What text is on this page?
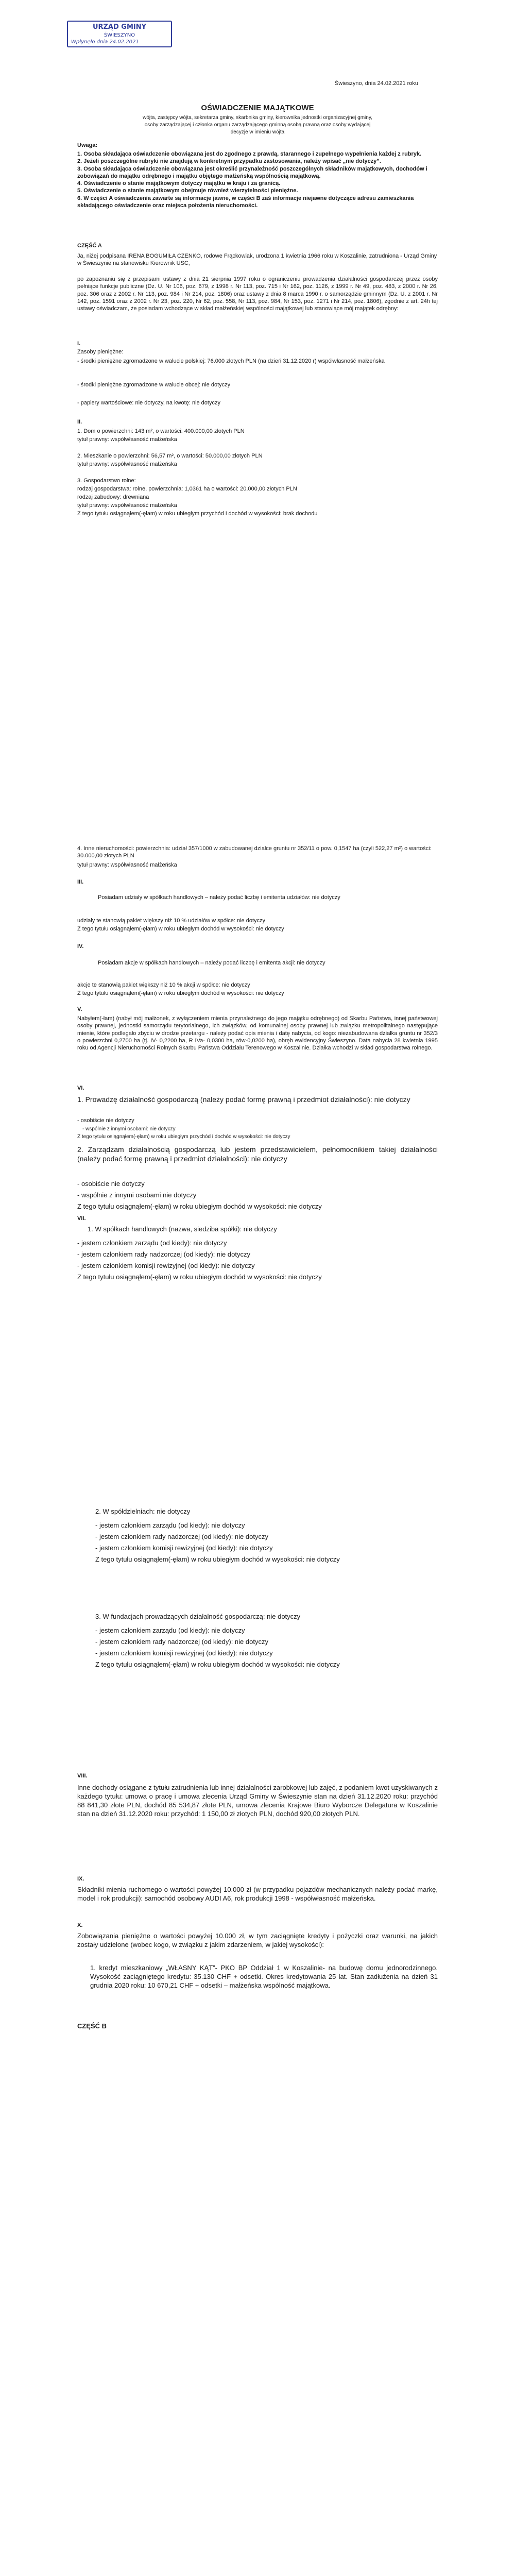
URZĄD GMINY
ŚWIESZYNO
Wpłynęło dnia 24.02.2021
Świeszyno, dnia 24.02.2021 roku
OŚWIADCZENIE MAJĄTKOWE
wójta, zastępcy wójta, sekretarza gminy, skarbnika gminy, kierownika jednostki organizacyjnej gminy,
osoby zarządzającej i członka organu zarządzającego gminną osobą prawną oraz osoby wydającej
decyzje w imieniu wójta
Uwaga:
1. Osoba składająca oświadczenie obowiązana jest do zgodnego z prawdą, starannego i zupełnego wypełnienia każdej z rubryk.
2. Jeżeli poszczególne rubryki nie znajdują w konkretnym przypadku zastosowania, należy wpisać „nie dotyczy”.
3. Osoba składająca oświadczenie obowiązana jest określić przynależność poszczególnych składników majątkowych, dochodów i zobowiązań do majątku odrębnego i majątku objętego małżeńską wspólnością majątkową.
4. Oświadczenie o stanie majątkowym dotyczy majątku w kraju i za granicą.
5. Oświadczenie o stanie majątkowym obejmuje również wierzytelności pieniężne.
6. W części A oświadczenia zawarte są informacje jawne, w części B zaś informacje niejawne dotyczące adresu zamieszkania składającego oświadczenie oraz miejsca położenia nieruchomości.
CZĘŚĆ A
Ja, niżej podpisana IRENA BOGUMIŁA CZENKO, rodowe Frąckowiak, urodzona 1 kwietnia 1966 roku w Koszalinie, zatrudniona - Urząd Gminy w Świeszynie na stanowisku Kierownik USC,
po zapoznaniu się z przepisami ustawy z dnia 21 sierpnia 1997 roku o ograniczeniu prowadzenia działalności gospodarczej przez osoby pełniące funkcje publiczne (Dz. U. Nr 106, poz. 679, z 1998 r. Nr 113, poz. 715 i Nr 162, poz. 1126, z 1999 r. Nr 49, poz. 483, z 2000 r. Nr 26, poz. 306 oraz z 2002 r. Nr 113, poz. 984 i Nr 214, poz. 1806) oraz ustawy z dnia 8 marca 1990 r. o samorządzie gminnym (Dz. U. z 2001 r. Nr 142, poz. 1591 oraz z 2002 r. Nr 23, poz. 220, Nr 62, poz. 558, Nr 113, poz. 984, Nr 153, poz. 1271 i Nr 214, poz. 1806), zgodnie z art. 24h tej ustawy oświadczam, że posiadam wchodzące w skład małżeńskiej wspólności majątkowej lub stanowiące mój majątek odrębny:
I.
Zasoby pieniężne:
- środki pieniężne zgromadzone w walucie polskiej: 76.000 złotych PLN (na dzień 31.12.2020 r) współwłasność małżeńska
- środki pieniężne zgromadzone w walucie obcej: nie dotyczy
- papiery wartościowe: nie dotyczy, na kwotę: nie dotyczy
II.
1. Dom o powierzchni: 143 m², o wartości: 400.000,00 złotych PLN
tytuł prawny: współwłasność małżeńska
2. Mieszkanie o powierzchni: 56,57 m², o wartości: 50.000,00 złotych PLN
tytuł prawny: współwłasność małżeńska
3. Gospodarstwo rolne:
rodzaj gospodarstwa: rolne, powierzchnia: 1,0361 ha o wartości: 20.000,00 złotych PLN
rodzaj zabudowy: drewniana
tytuł prawny: współwłasność małżeńska
Z tego tytułu osiągnąłem(-ęłam) w roku ubiegłym przychód i dochód w wysokości: brak dochodu
4. Inne nieruchomości: powierzchnia: udział 357/1000 w zabudowanej działce gruntu nr 352/11 o pow. 0,1547 ha (czyli 522,27 m²) o wartości: 30.000,00 złotych PLN
tytuł prawny: współwłasność małżeńska
III.
Posiadam udziały w spółkach handlowych – należy podać liczbę i emitenta udziałów: nie dotyczy
udziały te stanowią pakiet większy niż 10 % udziałów w spółce: nie dotyczy
Z tego tytułu osiągnąłem(-ęłam) w roku ubiegłym dochód w wysokości: nie dotyczy
IV.
Posiadam akcje w spółkach handlowych – należy podać liczbę i emitenta akcji: nie dotyczy
akcje te stanowią pakiet większy niż 10 % akcji w spółce: nie dotyczy
Z tego tytułu osiągnąłem(-ęłam) w roku ubiegłym dochód w wysokości: nie dotyczy
V.
Nabyłem(-łam) (nabył mój małżonek, z wyłączeniem mienia przynależnego do jego majątku odrębnego) od Skarbu Państwa, innej państwowej osoby prawnej, jednostki samorządu terytorialnego, ich związków, od komunalnej osoby prawnej lub związku metropolitalnego następujące mienie, które podlegało zbyciu w drodze przetargu - należy podać opis mienia i datę nabycia, od kogo: niezabudowana działka gruntu nr 352/3 o powierzchni 0,2700 ha (tj. IV- 0,2200 ha, R IVa- 0,0300 ha, rów-0,0200 ha), obręb ewidencyjny Świeszyno. Data nabycia 28 kwietnia 1995 roku od Agencji Nieruchomości Rolnych Skarbu Państwa Oddziału Terenowego w Koszalinie. Działka wchodzi w skład gospodarstwa rolnego.
VI.
1. Prowadzę działalność gospodarczą (należy podać formę prawną i przedmiot działalności): nie dotyczy
- osobiście nie dotyczy
- wspólnie z innymi osobami: nie dotyczy
Z tego tytułu osiągnąłem(-ęłam) w roku ubiegłym przychód i dochód w wysokości: nie dotyczy
2. Zarządzam działalnością gospodarczą lub jestem przedstawicielem, pełnomocnikiem takiej działalności (należy podać formę prawną i przedmiot działalności): nie dotyczy
- osobiście nie dotyczy
- wspólnie z innymi osobami nie dotyczy
Z tego tytułu osiągnąłem(-ęłam) w roku ubiegłym dochód w wysokości: nie dotyczy
VII.
1. W spółkach handlowych (nazwa, siedziba spółki): nie dotyczy
- jestem członkiem zarządu (od kiedy): nie dotyczy
- jestem członkiem rady nadzorczej (od kiedy): nie dotyczy
- jestem członkiem komisji rewizyjnej (od kiedy): nie dotyczy
Z tego tytułu osiągnąłem(-ęłam) w roku ubiegłym dochód w wysokości: nie dotyczy
2. W spółdzielniach: nie dotyczy
- jestem członkiem zarządu (od kiedy): nie dotyczy
- jestem członkiem rady nadzorczej (od kiedy): nie dotyczy
- jestem członkiem komisji rewizyjnej (od kiedy): nie dotyczy
Z tego tytułu osiągnąłem(-ęłam) w roku ubiegłym dochód w wysokości: nie dotyczy
3. W fundacjach prowadzących działalność gospodarczą: nie dotyczy
- jestem członkiem zarządu (od kiedy): nie dotyczy
- jestem członkiem rady nadzorczej (od kiedy): nie dotyczy
- jestem członkiem komisji rewizyjnej (od kiedy): nie dotyczy
Z tego tytułu osiągnąłem(-ęłam) w roku ubiegłym dochód w wysokości: nie dotyczy
VIII.
Inne dochody osiągane z tytułu zatrudnienia lub innej działalności zarobkowej lub zajęć, z podaniem kwot uzyskiwanych z każdego tytułu: umowa o pracę i umowa zlecenia Urząd Gminy w Świeszynie stan na dzień 31.12.2020 roku: przychód 88 841,30 złote PLN, dochód 85 534,87 złote PLN, umowa zlecenia Krajowe Biuro Wyborcze Delegatura w Koszalinie stan na dzień 31.12.2020 roku: przychód: 1 150,00 zł złotych PLN, dochód 920,00 złotych PLN.
IX.
Składniki mienia ruchomego o wartości powyżej 10.000 zł (w przypadku pojazdów mechanicznych należy podać markę, model i rok produkcji): samochód osobowy AUDI A6, rok produkcji 1998 - współwłasność małżeńska.
X.
Zobowiązania pieniężne o wartości powyżej 10.000 zł, w tym zaciągnięte kredyty i pożyczki oraz warunki, na jakich zostały udzielone (wobec kogo, w związku z jakim zdarzeniem, w jakiej wysokości):
1. kredyt mieszkaniowy „WŁASNY KĄT”- PKO BP Oddział 1 w Koszalinie- na budowę domu jednorodzinnego. Wysokość zaciągniętego kredytu: 35.130 CHF + odsetki. Okres kredytowania 25 lat. Stan zadłużenia na dzień 31 grudnia 2020 roku: 10 670,21 CHF + odsetki – małżeńska wspólność majątkowa.
CZĘŚĆ B
